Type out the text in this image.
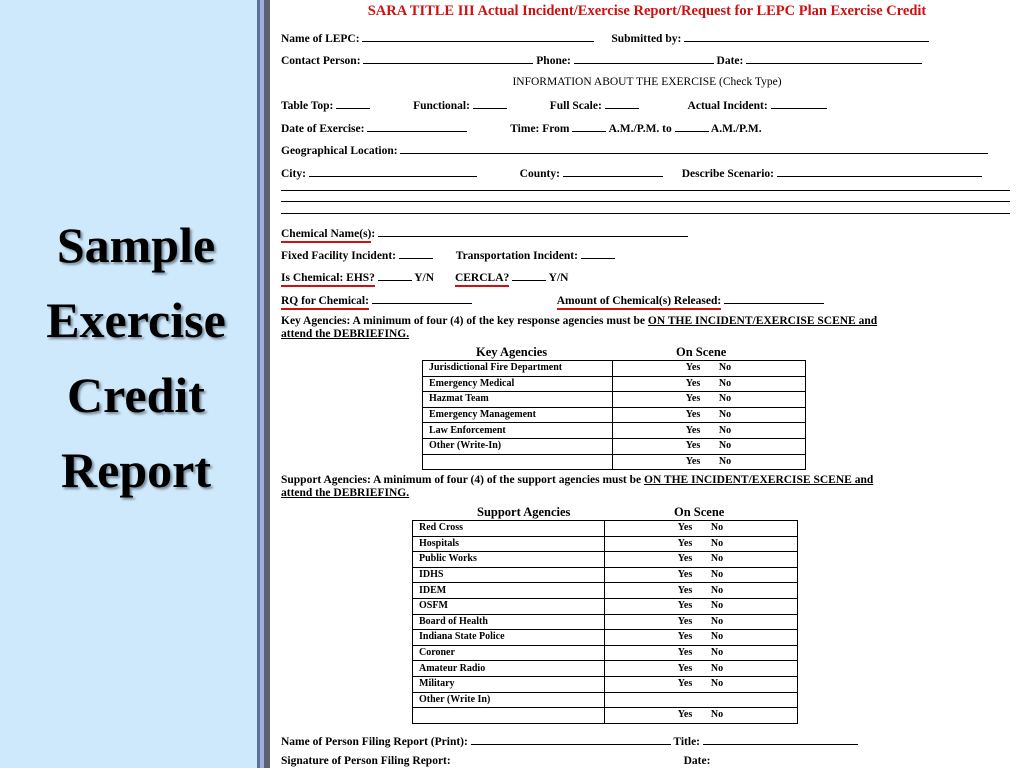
Sample
Exercise
Credit
Report
SARA TITLE III Actual Incident/Exercise Report/Request for LEPC Plan Exercise Credit
Name of LEPC:	Submitted by:
Contact Person:	Phone:	Date:
INFORMATION ABOUT THE EXERCISE (Check Type)
Table Top:	Functional:	Full Scale:	Actual Incident:
Date of Exercise:	Time: From	A.M./P.M. to	A.M./P.M.
Geographical Location:
City:	County:	Describe Scenario:
Chemical Name(s):
Fixed Facility Incident:	Transportation Incident:
Is Chemical: EHS?	Y/N CERCLA?	Y/N
RQ for Chemical:	Amount of Chemical(s) Released:
Key Agencies: A minimum of four (4) of the key response agencies must be ON THE INCIDENT/EXERCISE SCENE and
attend the DEBRIEFING.
Key Agencies	On Scene
Jurisdictional Fire Department	Yes No
Emergency Medical	Yes No
Hazmat Team	Yes No
Emergency Management	Yes No
Law Enforcement	Yes No
Other (Write-In)	Yes No
	Yes No
Support Agencies: A minimum of four (4) of the support agencies must be ON THE INCIDENT/EXERCISE SCENE and
attend the DEBRIEFING.
Support Agencies	On Scene
Red Cross	Yes No
Hospitals	Yes No
Public Works	Yes No
IDHS	Yes No
IDEM	Yes No
OSFM	Yes No
Board of Health	Yes No
Indiana State Police	Yes No
Coroner	Yes No
Amateur Radio	Yes No
Military	Yes No
Other (Write In)	
	Yes No
Name of Person Filing Report (Print):	Title:
Signature of Person Filing Report:	Date:
